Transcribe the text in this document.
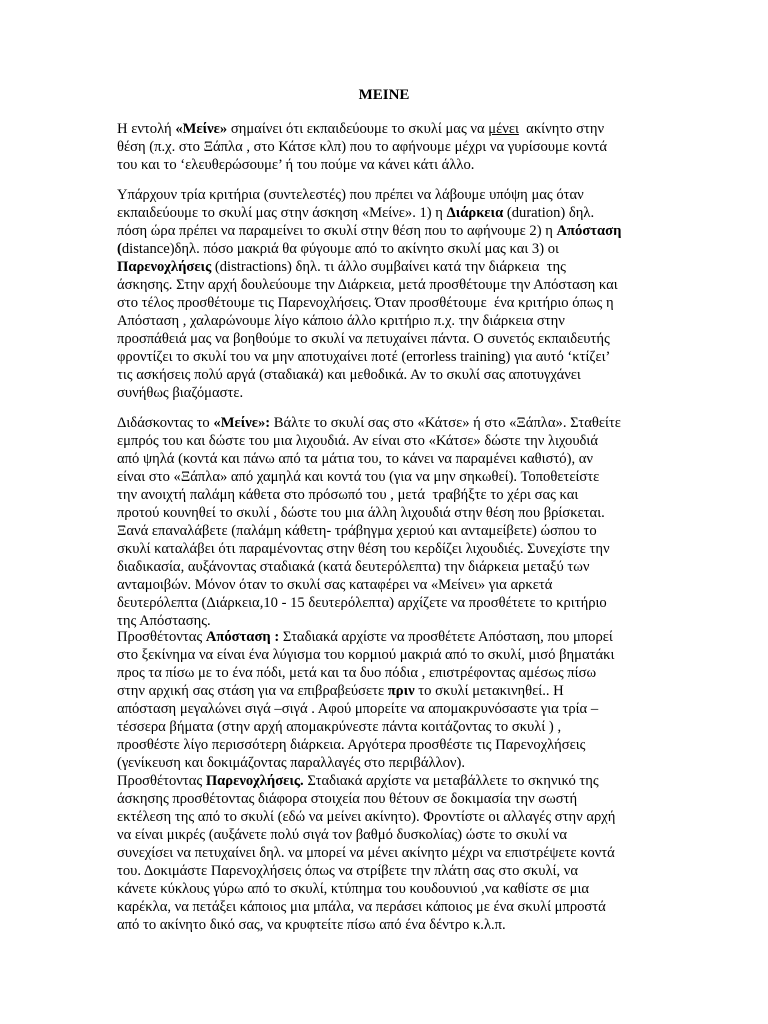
ΜΕΙΝΕ
Η εντολή «Μείνε» σημαίνει ότι εκπαιδεύουμε το σκυλί μας να μένει  ακίνητο στην
θέση (π.χ. στο Ξάπλα , στο Κάτσε κλπ) που το αφήνουμε μέχρι να γυρίσουμε κοντά
του και το ‘ελευθερώσουμε’ ή του πούμε να κάνει κάτι άλλο.
Υπάρχουν τρία κριτήρια (συντελεστές) που πρέπει να λάβουμε υπόψη μας όταν
εκπαιδεύουμε το σκυλί μας στην άσκηση «Μείνε». 1) η Διάρκεια (duration) δηλ.
πόση ώρα πρέπει να παραμείνει το σκυλί στην θέση που το αφήνουμε 2) η Απόσταση
(distance)δηλ. πόσο μακριά θα φύγουμε από το ακίνητο σκυλί μας και 3) οι
Παρενοχλήσεις (distractions) δηλ. τι άλλο συμβαίνει κατά την διάρκεια  της
άσκησης. Στην αρχή δουλεύουμε την Διάρκεια, μετά προσθέτουμε την Απόσταση και
στο τέλος προσθέτουμε τις Παρενοχλήσεις. Όταν προσθέτουμε  ένα κριτήριο όπως η
Απόσταση , χαλαρώνουμε λίγο κάποιο άλλο κριτήριο π.χ. την διάρκεια στην
προσπάθειά μας να βοηθούμε το σκυλί να πετυχαίνει πάντα. Ο συνετός εκπαιδευτής
φροντίζει το σκυλί του να μην αποτυχαίνει ποτέ (errorless training) για αυτό ‘κτίζει’
τις ασκήσεις πολύ αργά (σταδιακά) και μεθοδικά. Αν το σκυλί σας αποτυγχάνει
συνήθως βιαζόμαστε.
Διδάσκοντας το «Μείνε»: Βάλτε το σκυλί σας στο «Κάτσε» ή στο «Ξάπλα». Σταθείτε
εμπρός του και δώστε του μια λιχουδιά. Αν είναι στο «Κάτσε» δώστε την λιχουδιά
από ψηλά (κοντά και πάνω από τα μάτια του, το κάνει να παραμένει καθιστό), αν
είναι στο «Ξάπλα» από χαμηλά και κοντά του (για να μην σηκωθεί). Τοποθετείστε
την ανοιχτή παλάμη κάθετα στο πρόσωπό του , μετά  τραβήξτε το χέρι σας και
προτού κουνηθεί το σκυλί , δώστε του μια άλλη λιχουδιά στην θέση που βρίσκεται.
Ξανά επαναλάβετε (παλάμη κάθετη- τράβηγμα χεριού και ανταμείβετε) ώσπου το
σκυλί καταλάβει ότι παραμένοντας στην θέση του κερδίζει λιχουδιές. Συνεχίστε την
διαδικασία, αυξάνοντας σταδιακά (κατά δευτερόλεπτα) την διάρκεια μεταξύ των
ανταμοιβών. Μόνον όταν το σκυλί σας καταφέρει να «Μείνει» για αρκετά
δευτερόλεπτα (Διάρκεια,10 - 15 δευτερόλεπτα) αρχίζετε να προσθέτετε το κριτήριο
της Απόστασης.
Προσθέτοντας Απόσταση : Σταδιακά αρχίστε να προσθέτετε Απόσταση, που μπορεί
στο ξεκίνημα να είναι ένα λύγισμα του κορμιού μακριά από το σκυλί, μισό βηματάκι
προς τα πίσω με το ένα πόδι, μετά και τα δυο πόδια , επιστρέφοντας αμέσως πίσω
στην αρχική σας στάση για να επιβραβεύσετε πριν το σκυλί μετακινηθεί.. Η
απόσταση μεγαλώνει σιγά –σιγά . Αφού μπορείτε να απομακρυνόσαστε για τρία –
τέσσερα βήματα (στην αρχή απομακρύνεστε πάντα κοιτάζοντας το σκυλί ) ,
προσθέστε λίγο περισσότερη διάρκεια. Αργότερα προσθέστε τις Παρενοχλήσεις
(γενίκευση και δοκιμάζοντας παραλλαγές στο περιβάλλον).
Προσθέτοντας Παρενοχλήσεις. Σταδιακά αρχίστε να μεταβάλλετε το σκηνικό της
άσκησης προσθέτοντας διάφορα στοιχεία που θέτουν σε δοκιμασία την σωστή
εκτέλεση της από το σκυλί (εδώ να μείνει ακίνητο). Φροντίστε οι αλλαγές στην αρχή
να είναι μικρές (αυξάνετε πολύ σιγά τον βαθμό δυσκολίας) ώστε το σκυλί να
συνεχίσει να πετυχαίνει δηλ. να μπορεί να μένει ακίνητο μέχρι να επιστρέψετε κοντά
του. Δοκιμάστε Παρενοχλήσεις όπως να στρίβετε την πλάτη σας στο σκυλί, να
κάνετε κύκλους γύρω από το σκυλί, κτύπημα του κουδουνιού ,να καθίστε σε μια
καρέκλα, να πετάξει κάποιος μια μπάλα, να περάσει κάποιος με ένα σκυλί μπροστά
από το ακίνητο δικό σας, να κρυφτείτε πίσω από ένα δέντρο κ.λ.π.
